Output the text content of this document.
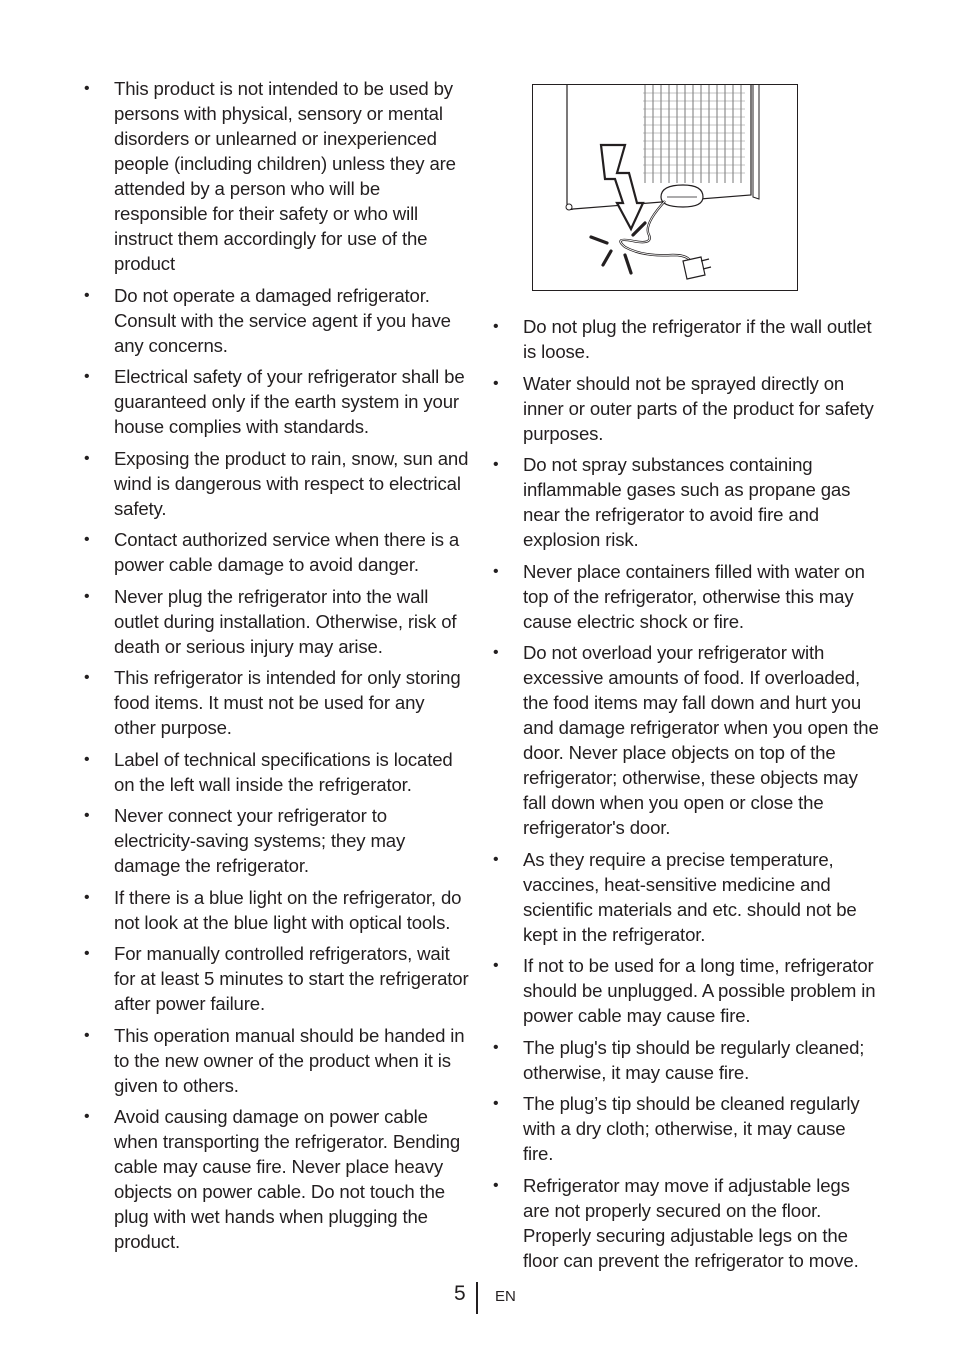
• This product is not intended to be used by persons with physical, sensory or mental disorders or unlearned or inexperienced people (including children) unless they are attended by a person who will be responsible for their safety or who will instruct them accordingly for use of the product
• Do not operate a damaged refrigerator. Consult with the service agent if you have any concerns.
• Electrical safety of your refrigerator shall be guaranteed only if the earth system in your house complies with standards.
• Exposing the product to rain, snow, sun and wind is dangerous with respect to electrical safety.
• Contact authorized service when there is a power cable damage to avoid danger.
• Never plug the refrigerator into the wall outlet during installation. Otherwise, risk of death or serious injury may arise.
• This refrigerator is intended for only storing food items. It must not be used for any other purpose.
• Label of technical specifications is located on the left wall inside the refrigerator.
• Never connect your refrigerator to electricity-saving systems; they may damage the refrigerator.
• If there is a blue light on the refrigerator, do not look at the blue light with optical tools.
• For manually controlled refrigerators, wait for at least 5 minutes to start the refrigerator after power failure.
• This operation manual should be handed in to the new owner of the product when it is given to others.
• Avoid causing damage on power cable when transporting the refrigerator. Bending cable may cause fire. Never place heavy objects on power cable. Do not touch the plug with wet hands when plugging the product.
• Do not plug the refrigerator if the wall outlet is loose.
• Water should not be sprayed directly on inner or outer parts of the product for safety purposes.
• Do not spray substances containing inflammable gases such as propane gas near the refrigerator to avoid fire and explosion risk.
• Never place containers filled with water on top of the refrigerator, otherwise this may cause electric shock or fire.
• Do not overload your refrigerator with excessive amounts of food. If overloaded, the food items may fall down and hurt you and damage refrigerator when you open the door. Never place objects on top of the refrigerator; otherwise, these objects may fall down when you open or close the refrigerator's door.
• As they require a precise temperature, vaccines, heat-sensitive medicine and scientific materials and etc. should not be kept in the refrigerator.
• If not to be used for a long time, refrigerator should be unplugged. A possible problem in power cable may cause fire.
• The plug's tip should be regularly cleaned; otherwise, it may cause fire.
• The plug’s tip should be cleaned regularly with a dry cloth; otherwise, it may cause fire.
• Refrigerator may move if adjustable legs are not properly secured on the floor. Properly securing adjustable legs on the floor can prevent the refrigerator to move.
5 EN
